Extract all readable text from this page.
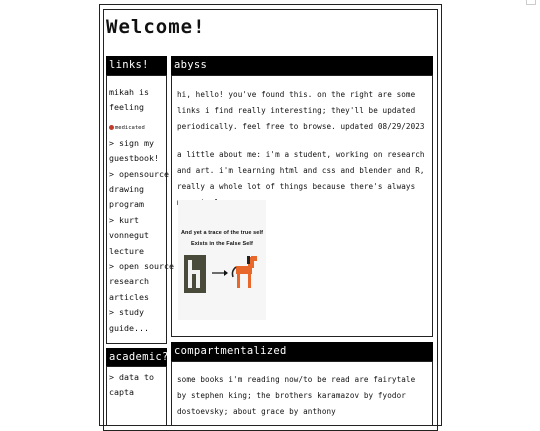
Welcome!
links!
mikah is
feeling
medicated
> sign my
guestbook!
> opensource
drawing
program
> kurt
vonnegut
lecture
> open source
research
articles
> study
guide...
academic?
> data to
capta
abyss

hi, hello! you've found this. on the right are some links i find really interesting; they'll be updated periodically. feel free to browse. updated 08/29/2023

a little about me: i'm a student, working on research and art. i'm learning html and css and blender and R, really a whole lot of things because there's always

And yet a trace of the true self
Exists in the False Self
compartmentalized

some books i'm reading now/to be read are fairytale by stephen king; the brothers karamazov by fyodor dostoevsky; about grace by anthony
